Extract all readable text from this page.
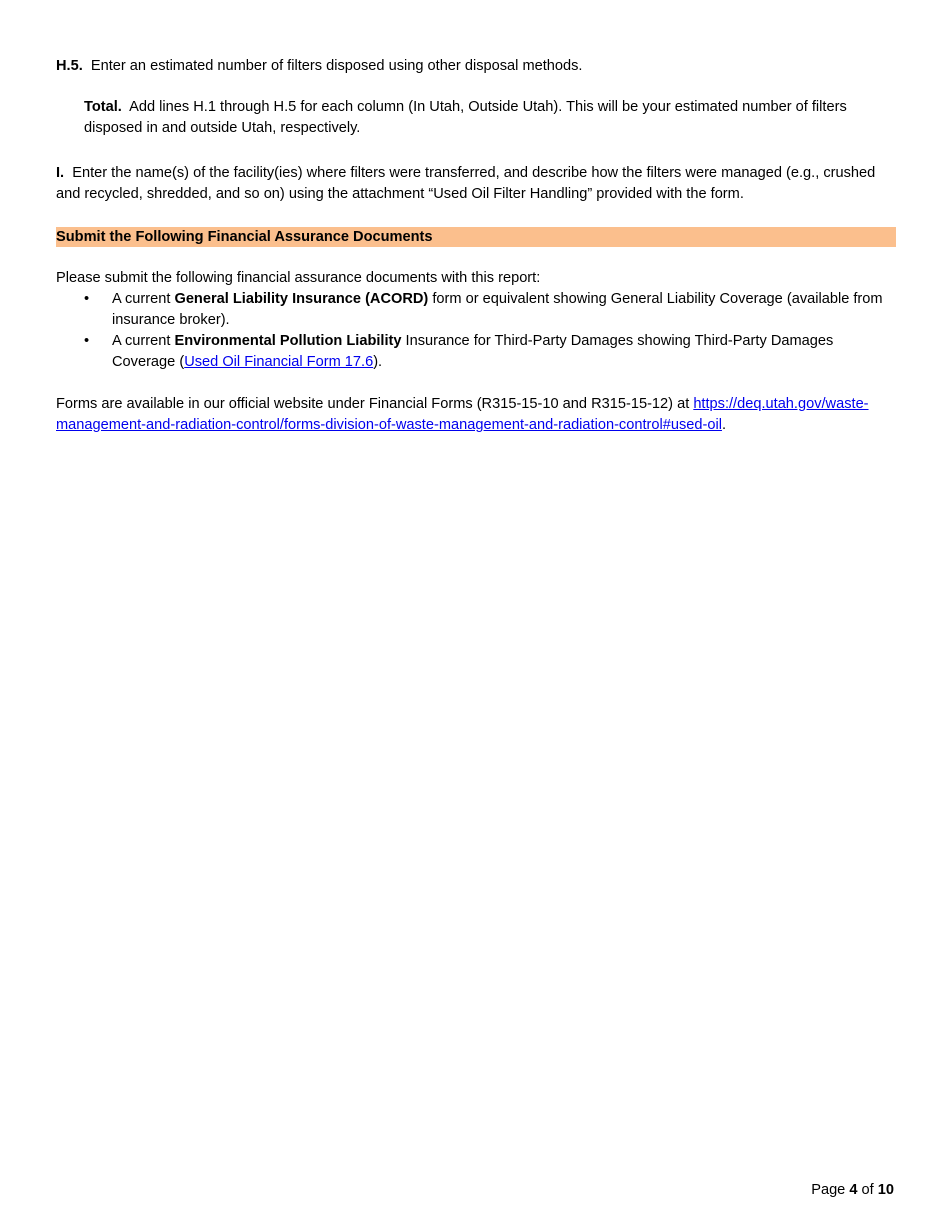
H.5. Enter an estimated number of filters disposed using other disposal methods.

Total. Add lines H.1 through H.5 for each column (In Utah, Outside Utah). This will be your estimated number of filters disposed in and outside Utah, respectively.

I. Enter the name(s) of the facility(ies) where filters were transferred, and describe how the filters were managed (e.g., crushed and recycled, shredded, and so on) using the attachment “Used Oil Filter Handling” provided with the form.

Submit the Following Financial Assurance Documents

Please submit the following financial assurance documents with this report:

• A current General Liability Insurance (ACORD) form or equivalent showing General Liability Coverage (available from insurance broker).
• A current Environmental Pollution Liability Insurance for Third-Party Damages showing Third-Party Damages Coverage (Used Oil Financial Form 17.6).

Forms are available in our official website under Financial Forms (R315-15-10 and R315-15-12) at https://deq.utah.gov/waste-management-and-radiation-control/forms-division-of-waste-management-and-radiation-control#used-oil.

Page 4 of 10
